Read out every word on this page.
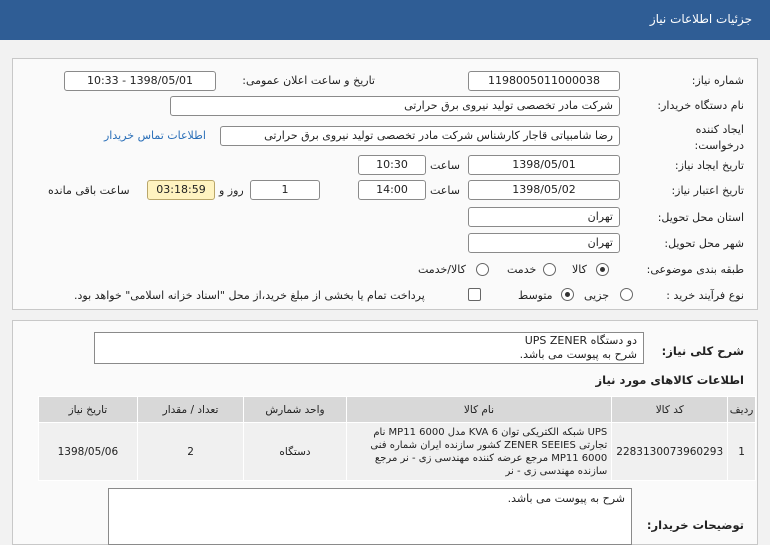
جزئیات اطلاعات نیاز
شماره نیاز:
1198005011000038
تاریخ و ساعت اعلان عمومی:
1398/05/01 - 10:33
نام دستگاه خریدار:
شرکت مادر تخصصی تولید نیروی برق حرارتی
ایجاد کننده درخواست:
رضا شامبیاتی قاجار کارشناس شرکت مادر تخصصی تولید نیروی برق حرارتی
اطلاعات تماس خریدار
تاریخ ایجاد نیاز:
1398/05/01
ساعت
10:30
تاریخ اعتبار نیاز:
1398/05/02
ساعت
14:00
1
روز و
03:18:59
ساعت باقی مانده
استان محل تحویل:
تهران
شهر محل تحویل:
تهران
طبقه بندی موضوعی:
کالا
خدمت
کالا/خدمت
نوع فرآیند خرید :
جزیی
متوسط
پرداخت تمام یا بخشی از مبلغ خرید،از محل "اسناد خزانه اسلامی" خواهد بود.
شرح کلی نیاز:
دو دستگاه UPS ZENER
شرح به پیوست می باشد.
اطلاعات کالاهای مورد نیاز
ردیف	کد کالا	نام کالا	واحد شمارش	تعداد / مقدار	تاریخ نیاز
1	2283130073960293	UPS شبکه الکتریکی توان 6 KVA مدل MP11 6000 نام تجارتی ZENER SEEIES کشور سازنده ایران شماره فنی MP11 6000 مرجع عرضه کننده مهندسی زی - نر مرجع سازنده مهندسی زی - نر	دستگاه	2	1398/05/06
توضیحات خریدار:
شرح به پیوست می باشد.
